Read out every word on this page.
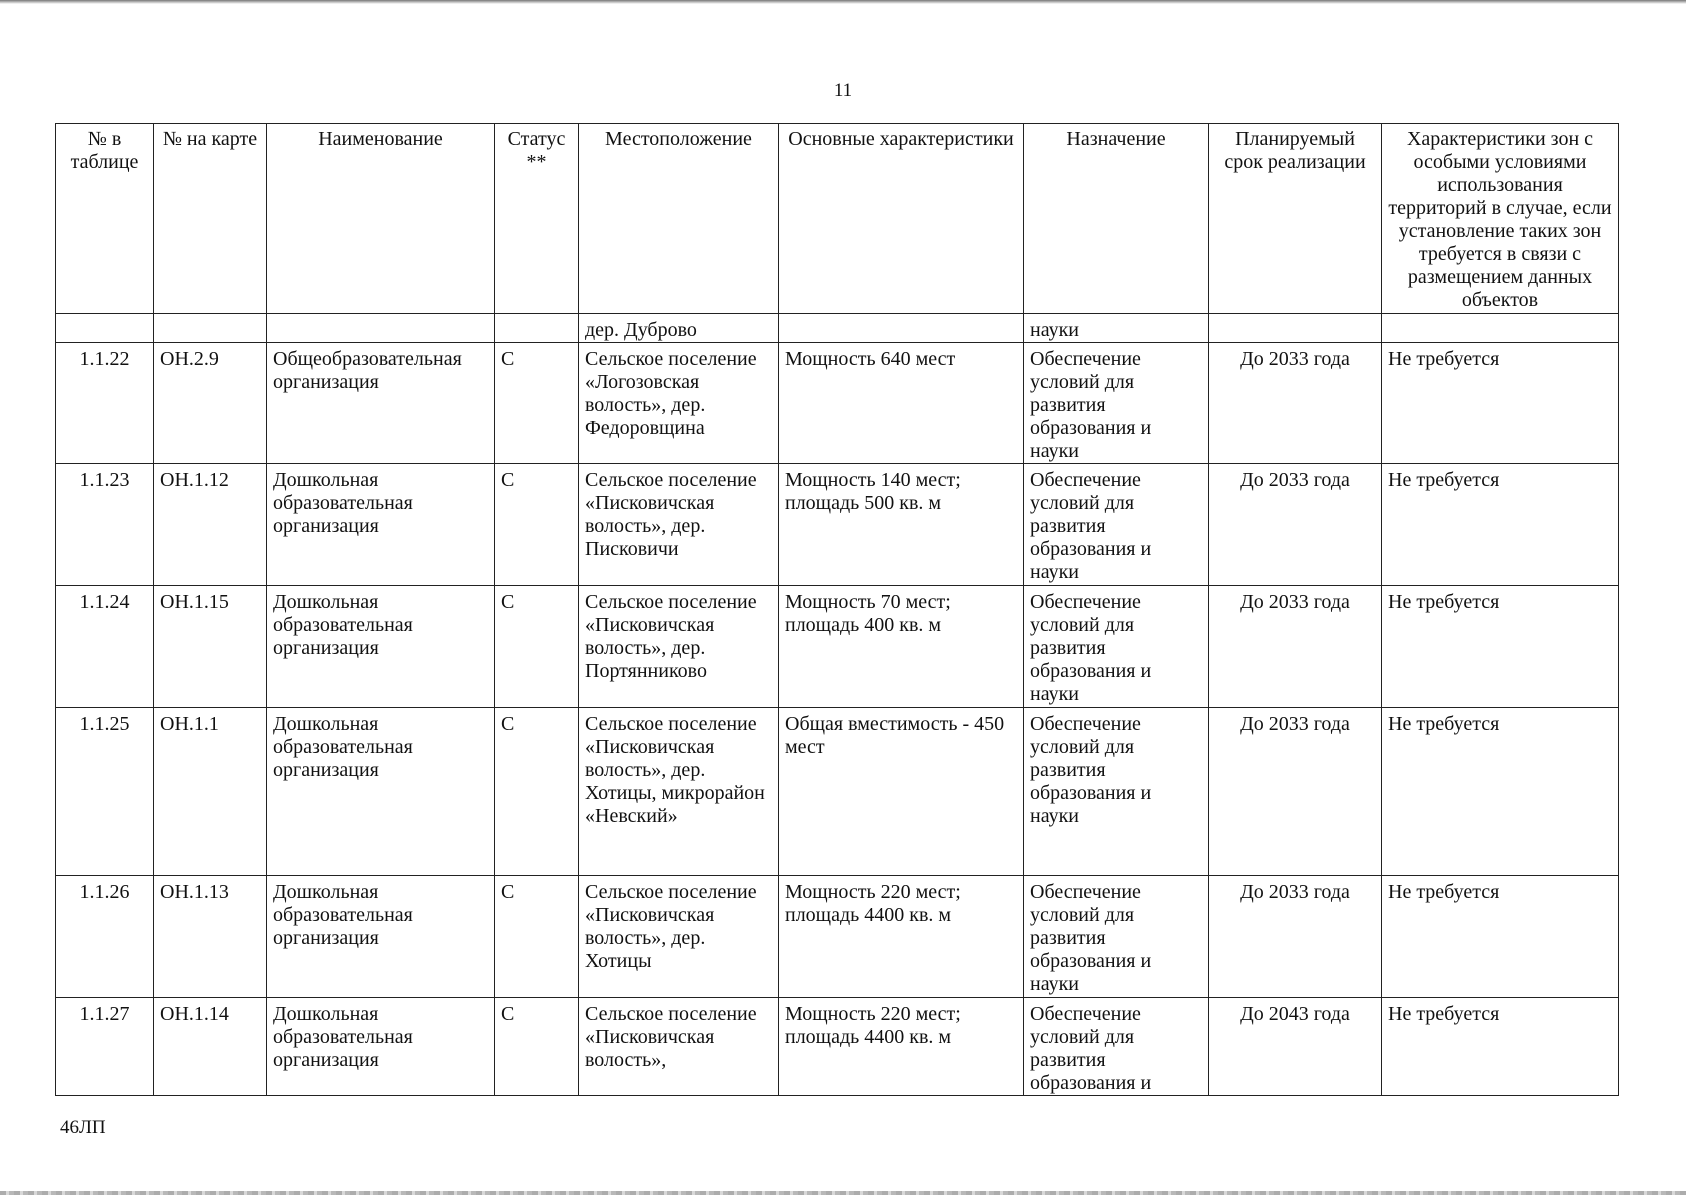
11
№ в таблице	№ на карте	Наименование	Статус **	Местоположение	Основные характеристики	Назначение	Планируемый срок реализации	Характеристики зон с особыми условиями использования территорий в случае, если установление таких зон требуется в связи с размещением данных объектов
				дер. Дуброво		науки		
1.1.22	ОН.2.9	Общеобразовательная организация	С	Сельское поселение «Логозовская волость», дер. Федоровщина	Мощность 640 мест	Обеспечение условий для развития образования и науки	До 2033 года	Не требуется
1.1.23	ОН.1.12	Дошкольная образовательная организация	С	Сельское поселение «Писковичская волость», дер. Писковичи	Мощность 140 мест; площадь 500 кв. м	Обеспечение условий для развития образования и науки	До 2033 года	Не требуется
1.1.24	ОН.1.15	Дошкольная образовательная организация	С	Сельское поселение «Писковичская волость», дер. Портянниково	Мощность 70 мест; площадь 400 кв. м	Обеспечение условий для развития образования и науки	До 2033 года	Не требуется
1.1.25	ОН.1.1	Дошкольная образовательная организация	С	Сельское поселение «Писковичская волость», дер. Хотицы, микрорайон «Невский»	Общая вместимость - 450 мест	Обеспечение условий для развития образования и науки	До 2033 года	Не требуется
1.1.26	ОН.1.13	Дошкольная образовательная организация	С	Сельское поселение «Писковичская волость», дер. Хотицы	Мощность 220 мест; площадь 4400 кв. м	Обеспечение условий для развития образования и науки	До 2033 года	Не требуется
1.1.27	ОН.1.14	Дошкольная образовательная организация	С	Сельское поселение «Писковичская волость»,	Мощность 220 мест; площадь 4400 кв. м	Обеспечение условий для развития образования и	До 2043 года	Не требуется
46ЛП
